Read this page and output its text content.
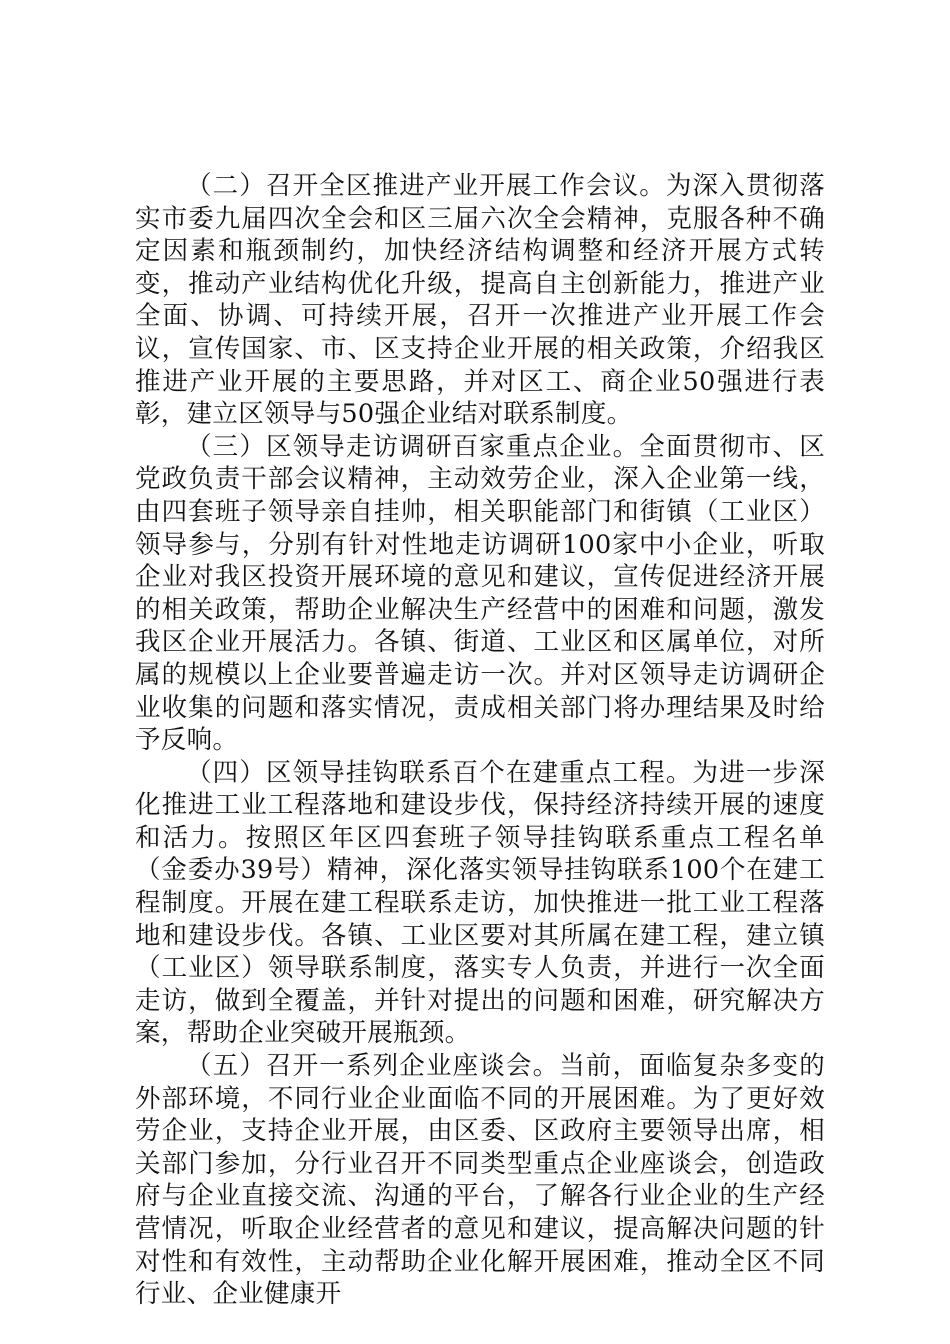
（二）召开全区推进产业开展工作会议。为深入贯彻落实市委九届四次全会和区三届六次全会精神，克服各种不确定因素和瓶颈制约，加快经济结构调整和经济开展方式转变，推动产业结构优化升级，提高自主创新能力，推进产业全面、协调、可持续开展，召开一次推进产业开展工作会议，宣传国家、市、区支持企业开展的相关政策，介绍我区推进产业开展的主要思路，并对区工、商企业50强进行表彰，建立区领导与50强企业结对联系制度。

（三）区领导走访调研百家重点企业。全面贯彻市、区党政负责干部会议精神，主动效劳企业，深入企业第一线，由四套班子领导亲自挂帅，相关职能部门和街镇（工业区）领导参与，分别有针对性地走访调研100家中小企业，听取企业对我区投资开展环境的意见和建议，宣传促进经济开展的相关政策，帮助企业解决生产经营中的困难和问题，激发我区企业开展活力。各镇、街道、工业区和区属单位，对所属的规模以上企业要普遍走访一次。并对区领导走访调研企业收集的问题和落实情况，责成相关部门将办理结果及时给予反响。

（四）区领导挂钩联系百个在建重点工程。为进一步深化推进工业工程落地和建设步伐，保持经济持续开展的速度和活力。按照区年区四套班子领导挂钩联系重点工程名单（金委办39号）精神，深化落实领导挂钩联系100个在建工程制度。开展在建工程联系走访，加快推进一批工业工程落地和建设步伐。各镇、工业区要对其所属在建工程，建立镇（工业区）领导联系制度，落实专人负责，并进行一次全面走访，做到全覆盖，并针对提出的问题和困难，研究解决方案，帮助企业突破开展瓶颈。

（五）召开一系列企业座谈会。当前，面临复杂多变的外部环境，不同行业企业面临不同的开展困难。为了更好效劳企业，支持企业开展，由区委、区政府主要领导出席，相关部门参加，分行业召开不同类型重点企业座谈会，创造政府与企业直接交流、沟通的平台，了解各行业企业的生产经营情况，听取企业经营者的意见和建议，提高解决问题的针对性和有效性，主动帮助企业化解开展困难，推动全区不同行业、企业健康开
